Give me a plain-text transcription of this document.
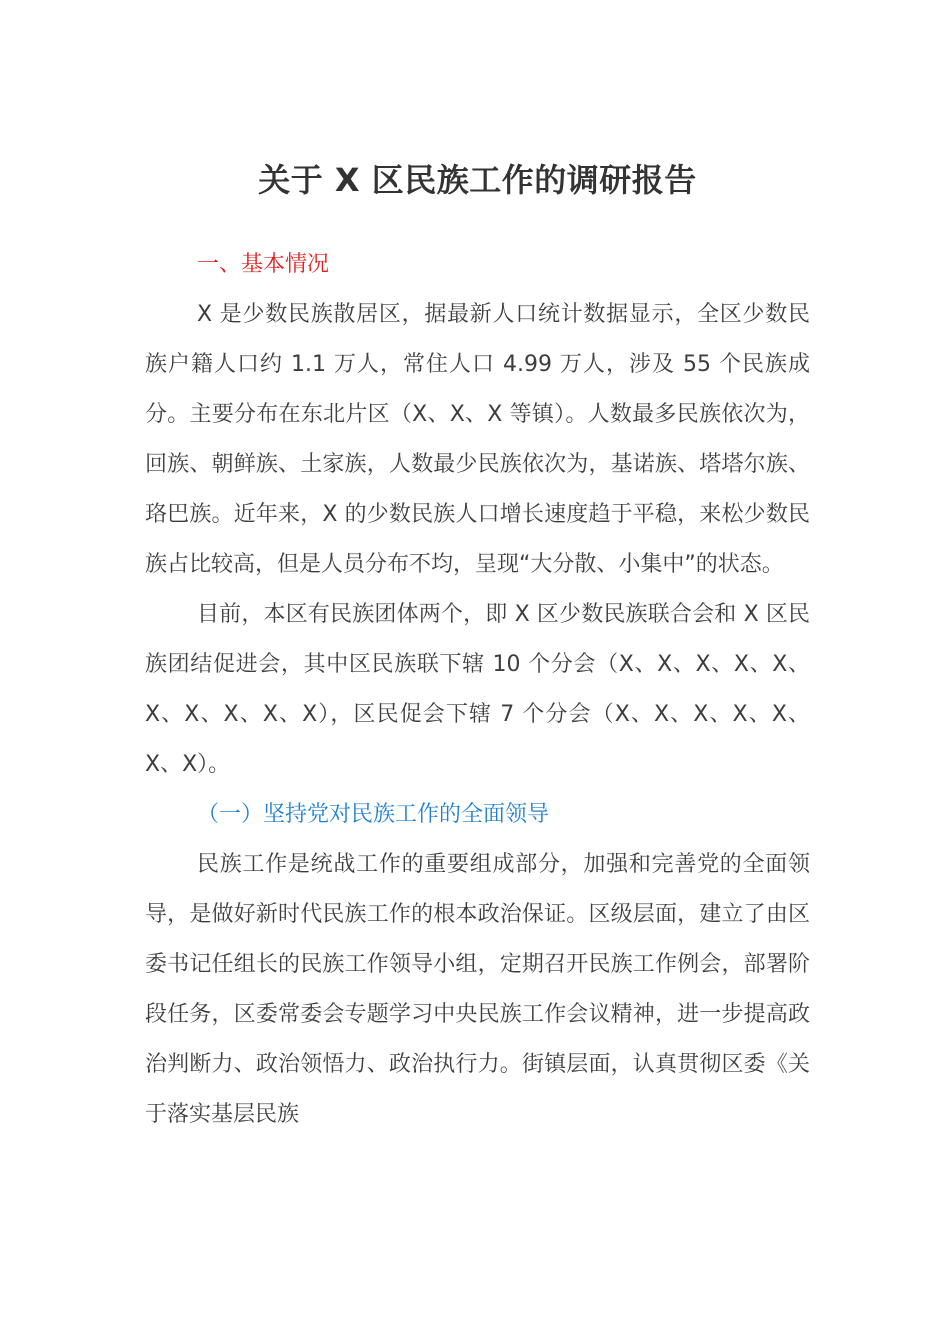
关于 X 区民族工作的调研报告

一、基本情况

X 是少数民族散居区，据最新人口统计数据显示，全区少数民族户籍人口约 1.1 万人，常住人口 4.99 万人，涉及 55 个民族成分。主要分布在东北片区（X、X、X 等镇）。人数最多民族依次为，回族、朝鲜族、土家族，人数最少民族依次为，基诺族、塔塔尔族、珞巴族。近年来，X 的少数民族人口增长速度趋于平稳，来松少数民族占比较高，但是人员分布不均，呈现“大分散、小集中”的状态。

目前，本区有民族团体两个，即 X 区少数民族联合会和 X 区民族团结促进会，其中区民族联下辖 10 个分会（X、X、X、X、X、X、X、X、X、X），区民促会下辖 7 个分会（X、X、X、X、X、X、X）。

（一）坚持党对民族工作的全面领导

民族工作是统战工作的重要组成部分，加强和完善党的全面领导，是做好新时代民族工作的根本政治保证。区级层面，建立了由区委书记任组长的民族工作领导小组，定期召开民族工作例会，部署阶段任务，区委常委会专题学习中央民族工作会议精神，进一步提高政治判断力、政治领悟力、政治执行力。街镇层面，认真贯彻区委《关于落实基层民族
